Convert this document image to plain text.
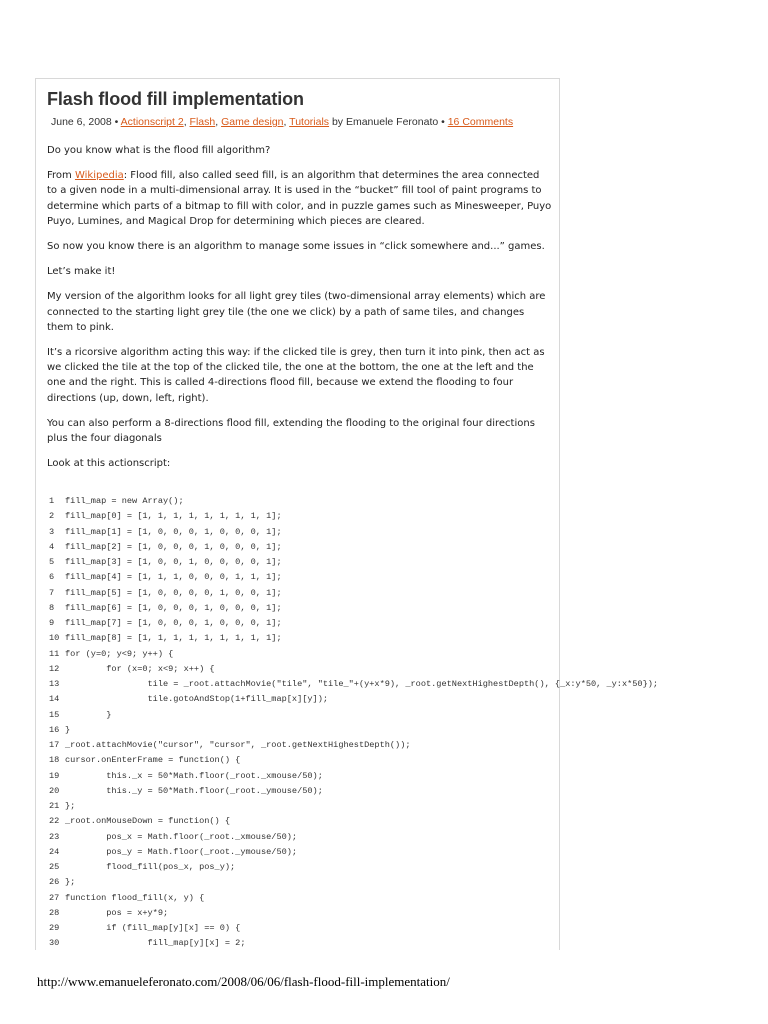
Flash flood fill implementation
June 6, 2008 • Actionscript 2, Flash, Game design, Tutorials by Emanuele Feronato • 16 Comments

Do you know what is the flood fill algorithm?

From Wikipedia: Flood fill, also called seed fill, is an algorithm that determines the area connected to a given node in a multi-dimensional array. It is used in the “bucket” fill tool of paint programs to determine which parts of a bitmap to fill with color, and in puzzle games such as Minesweeper, Puyo Puyo, Lumines, and Magical Drop for determining which pieces are cleared.

So now you know there is an algorithm to manage some issues in “click somewhere and...” games.

Let’s make it!

My version of the algorithm looks for all light grey tiles (two-dimensional array elements) which are connected to the starting light grey tile (the one we click) by a path of same tiles, and changes them to pink.

It’s a ricorsive algorithm acting this way: if the clicked tile is grey, then turn it into pink, then act as we clicked the tile at the top of the clicked tile, the one at the bottom, the one at the left and the one and the right. This is called 4-directions flood fill, because we extend the flooding to four directions (up, down, left, right).

You can also perform a 8-directions flood fill, extending the flooding to the original four directions plus the four diagonals

Look at this actionscript:

1 fill_map = new Array();
2 fill_map[0] = [1, 1, 1, 1, 1, 1, 1, 1, 1];
3 fill_map[1] = [1, 0, 0, 0, 1, 0, 0, 0, 1];
4 fill_map[2] = [1, 0, 0, 0, 1, 0, 0, 0, 1];
5 fill_map[3] = [1, 0, 0, 1, 0, 0, 0, 0, 1];
6 fill_map[4] = [1, 1, 1, 0, 0, 0, 1, 1, 1];
7 fill_map[5] = [1, 0, 0, 0, 0, 1, 0, 0, 1];
8 fill_map[6] = [1, 0, 0, 0, 1, 0, 0, 0, 1];
9 fill_map[7] = [1, 0, 0, 0, 1, 0, 0, 0, 1];
10 fill_map[8] = [1, 1, 1, 1, 1, 1, 1, 1, 1];
11 for (y=0; y<9; y++) {
12        for (x=0; x<9; x++) {
13                tile = _root.attachMovie("tile", "tile_"+(y+x*9), _root.getNextHighestDepth(), {_x:y*50, _y:x*50});
14                tile.gotoAndStop(1+fill_map[x][y]);
15        }
16 }
17 _root.attachMovie("cursor", "cursor", _root.getNextHighestDepth());
18 cursor.onEnterFrame = function() {
19        this._x = 50*Math.floor(_root._xmouse/50);
20        this._y = 50*Math.floor(_root._ymouse/50);
21 };
22 _root.onMouseDown = function() {
23        pos_x = Math.floor(_root._xmouse/50);
24        pos_y = Math.floor(_root._ymouse/50);
25        flood_fill(pos_x, pos_y);
26 };
27 function flood_fill(x, y) {
28        pos = x+y*9;
29        if (fill_map[y][x] == 0) {
30                fill_map[y][x] = 2;
http://www.emanueleferonato.com/2008/06/06/flash-flood-fill-implementation/
